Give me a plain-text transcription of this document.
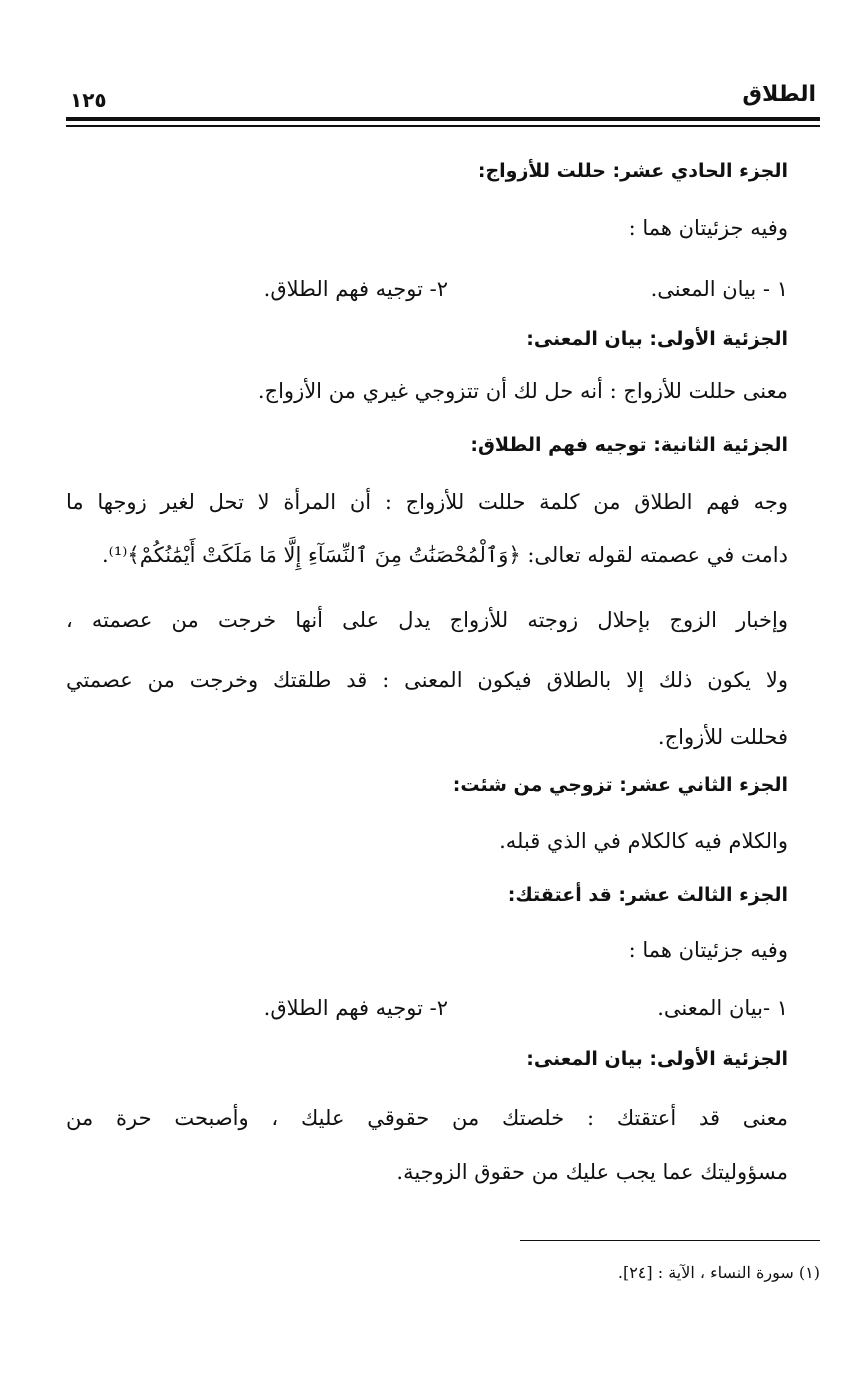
الطلاق
١٢٥
الجزء الحادي عشر: حللت للأزواج:
وفيه جزئيتان هما :
١ - بيان المعنى.
٢- توجيه فهم الطلاق.
الجزئية الأولى: بيان المعنى:
معنى حللت للأزواج : أنه حل لك أن تتزوجي غيري من الأزواج.
الجزئية الثانية: توجيه فهم الطلاق:
وجه فهم الطلاق من كلمة حللت للأزواج : أن المرأة لا تحل لغير زوجها ما
دامت في عصمته لقوله تعالى: ﴿وَٱلْمُحْصَنَٰتُ مِنَ ٱلنِّسَآءِ إِلَّا مَا مَلَكَتْ أَيْمَٰنُكُمْ﴾⁽¹⁾.
وإخبار الزوج بإحلال زوجته للأزواج يدل على أنها خرجت من عصمته ،
ولا يكون ذلك إلا بالطلاق فيكون المعنى : قد طلقتك وخرجت من عصمتي
فحللت للأزواج.
الجزء الثاني عشر: تزوجي من شئت:
والكلام فيه كالكلام في الذي قبله.
الجزء الثالث عشر: قد أعتقتك:
وفيه جزئيتان هما :
١ -بيان المعنى.
٢- توجيه فهم الطلاق.
الجزئية الأولى: بيان المعنى:
معنى قد أعتقتك : خلصتك من حقوقي عليك ، وأصبحت حرة من
مسؤوليتك عما يجب عليك من حقوق الزوجية.
(١) سورة النساء ، الآية : [٢٤].
